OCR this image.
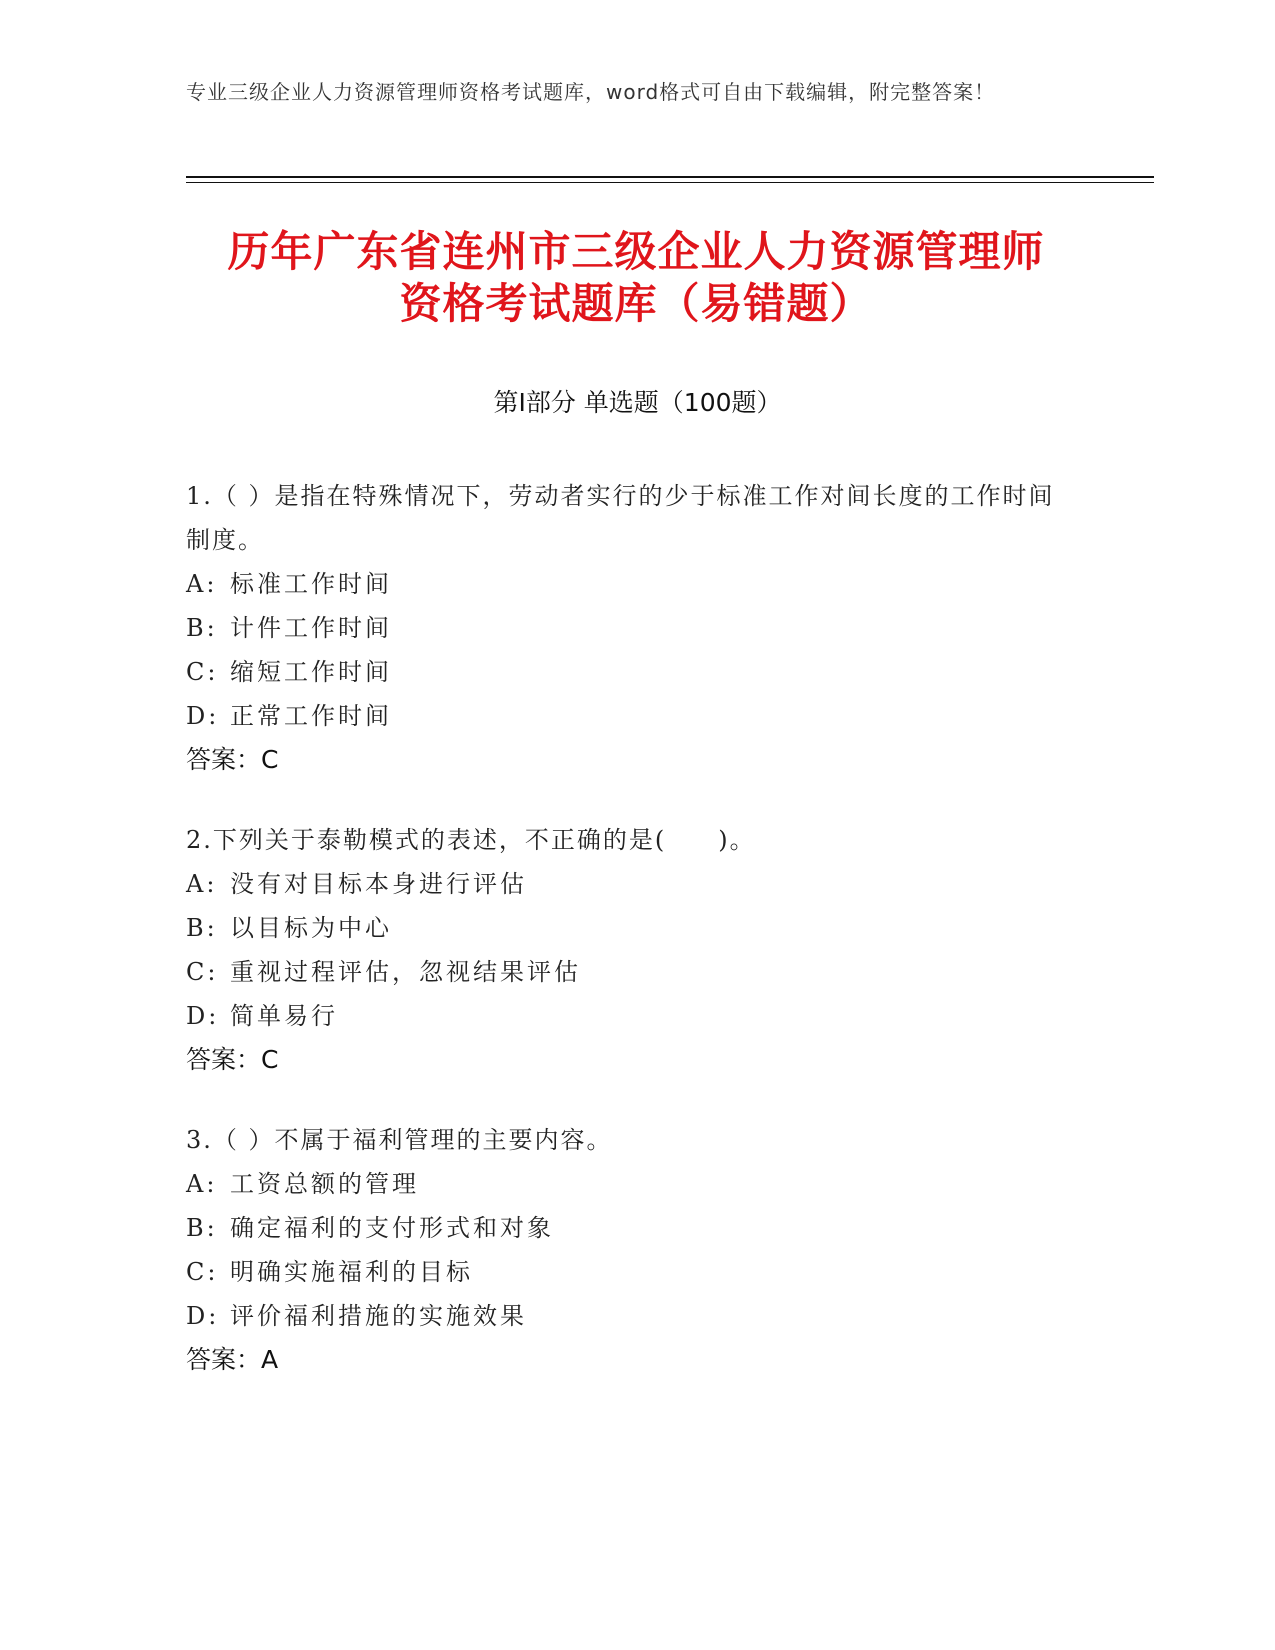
专业三级企业人力资源管理师资格考试题库，word格式可自由下载编辑，附完整答案！
历年广东省连州市三级企业人力资源管理师
资格考试题库（易错题）
第I部分 单选题（100题）
1.（ ）是指在特殊情况下，劳动者实行的少于标准工作对间长度的工作时间制度。
A: 标准工作时间
B: 计件工作时间
C: 缩短工作时间
D: 正常工作时间
答案：C
2.下列关于泰勒模式的表述，不正确的是(　　)。
A: 没有对目标本身进行评估
B: 以目标为中心
C: 重视过程评估，忽视结果评估
D: 简单易行
答案：C
3.（ ）不属于福利管理的主要内容。
A: 工资总额的管理
B: 确定福利的支付形式和对象
C: 明确实施福利的目标
D: 评价福利措施的实施效果
答案：A
